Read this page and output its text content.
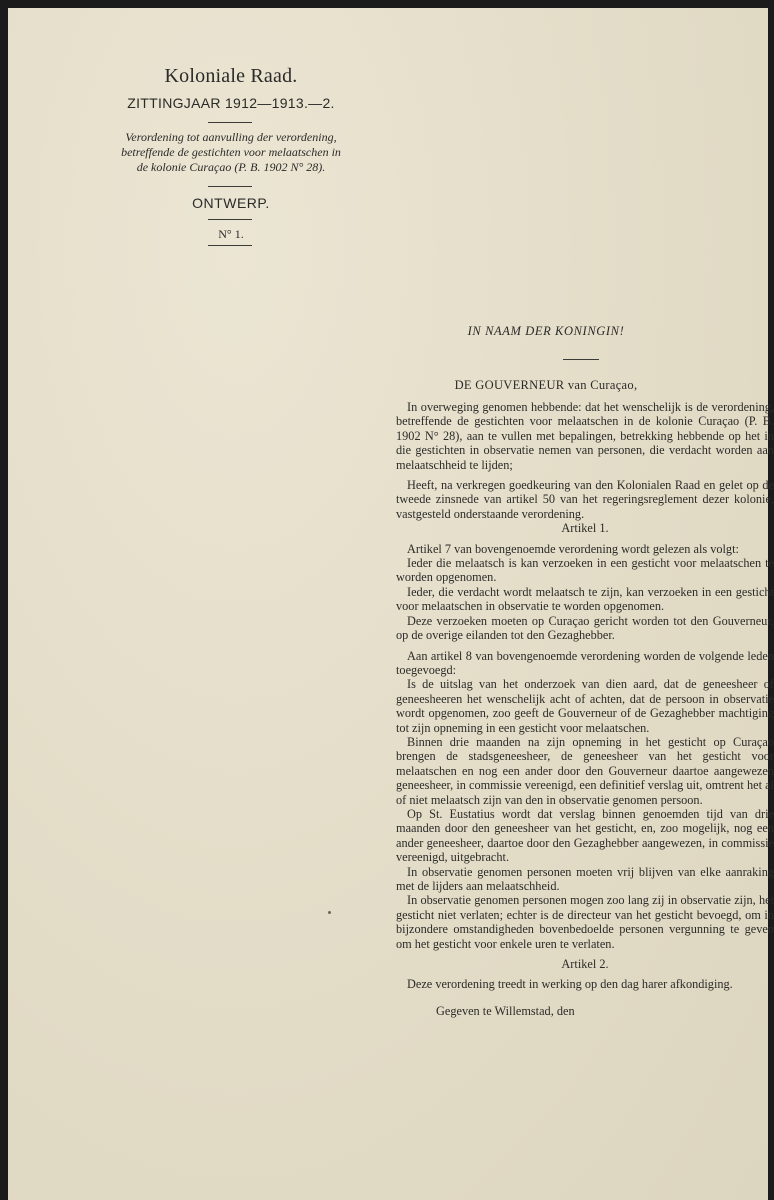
Koloniale Raad.
ZITTINGJAAR 1912—1913.—2.
Verordening tot aanvulling der verordening,
betreffende de gestichten voor melaatschen in
de kolonie Curaçao (P. B. 1902 N° 28).
ONTWERP.
N° 1.
IN NAAM DER KONINGIN!
DE GOUVERNEUR van Curaçao,

In overweging genomen hebbende: dat het wenschelijk is de verordening, betreffende de gestichten voor melaatschen in de kolonie Curaçao (P. B. 1902 N° 28), aan te vullen met bepalingen, betrekking hebbende op het in die gestichten in observatie nemen van personen, die verdacht worden aan melaatschheid te lijden;

Heeft, na verkregen goedkeuring van den Kolonialen Raad en gelet op de tweede zinsnede van artikel 50 van het regeringsreglement dezer kolonie, vastgesteld onderstaande verordening.

Artikel 1.

Artikel 7 van bovengenoemde verordening wordt gelezen als volgt:

Ieder die melaatsch is kan verzoeken in een gesticht voor melaatschen te worden opgenomen.

Ieder, die verdacht wordt melaatsch te zijn, kan verzoeken in een gesticht voor melaatschen in observatie te worden opgenomen.

Deze verzoeken moeten op Curaçao gericht worden tot den Gouverneur, op de overige eilanden tot den Gezaghebber.

Aan artikel 8 van bovengenoemde verordening worden de volgende leden toegevoegd:

Is de uitslag van het onderzoek van dien aard, dat de geneesheer of geneesheeren het wenschelijk acht of achten, dat de persoon in observatie wordt opgenomen, zoo geeft de Gouverneur of de Gezaghebber machtiging tot zijn opneming in een gesticht voor melaatschen.

Binnen drie maanden na zijn opneming in het gesticht op Curaçao brengen de stadsgeneesheer, de geneesheer van het gesticht voor melaatschen en nog een ander door den Gouverneur daartoe aangewezen geneesheer, in commissie vereenigd, een definitief verslag uit, omtrent het al of niet melaatsch zijn van den in observatie genomen persoon.

Op St. Eustatius wordt dat verslag binnen genoemden tijd van drie maanden door den geneesheer van het gesticht, en, zoo mogelijk, nog een ander geneesheer, daartoe door den Gezaghebber aangewezen, in commissie vereenigd, uitgebracht.

In observatie genomen personen moeten vrij blijven van elke aanraking met de lijders aan melaatschheid.

In observatie genomen personen mogen zoo lang zij in observatie zijn, het gesticht niet verlaten; echter is de directeur van het gesticht bevoegd, om in bijzondere omstandigheden bovenbedoelde personen vergunning te geven om het gesticht voor enkele uren te verlaten.

Artikel 2.

Deze verordening treedt in werking op den dag harer afkondiging.

Gegeven te Willemstad, den
